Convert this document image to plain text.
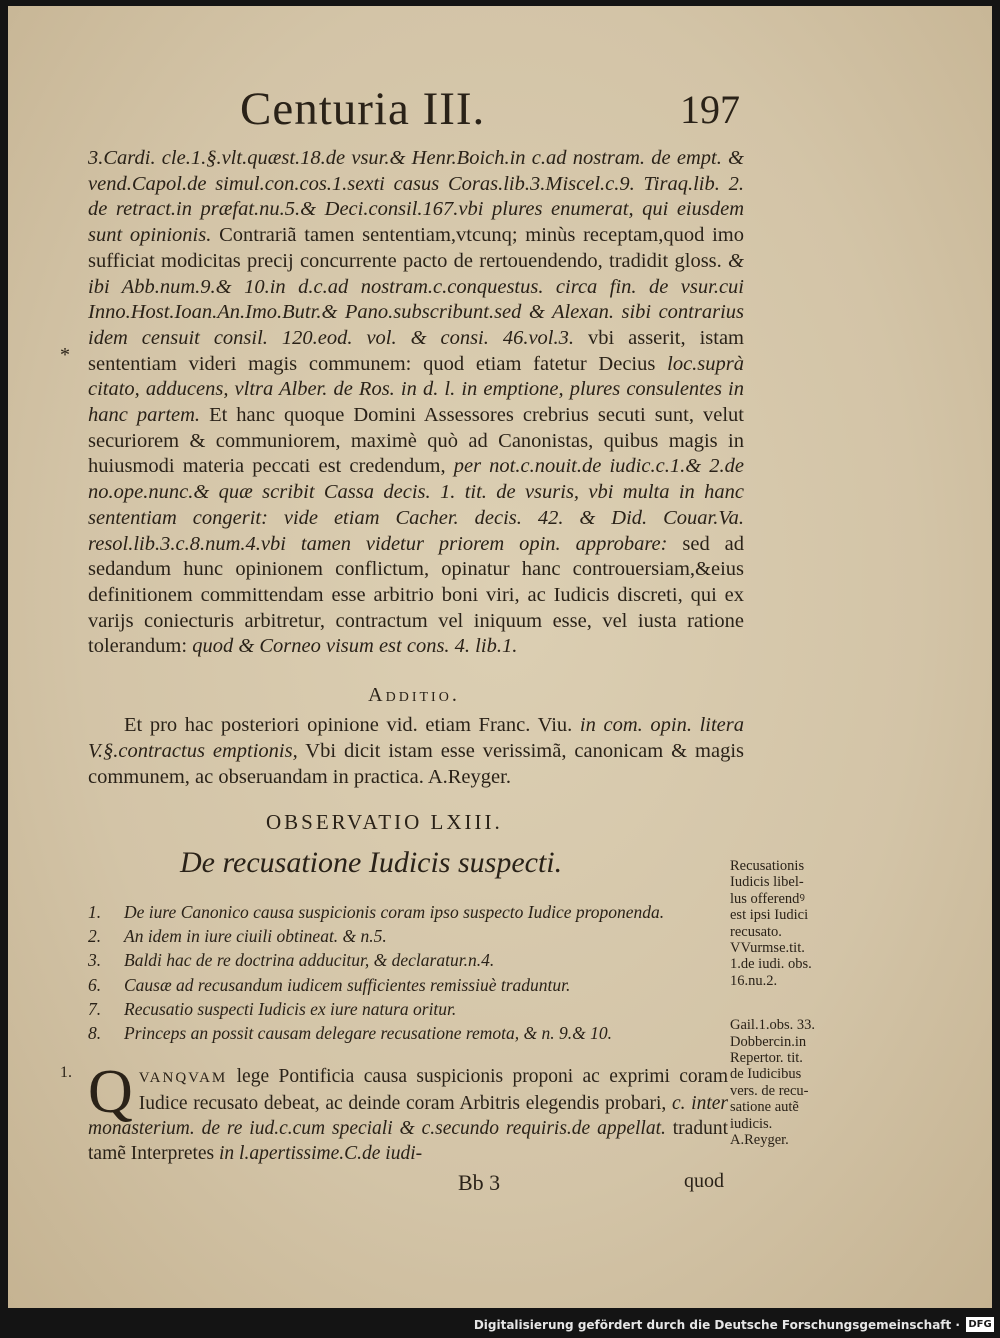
Centuria III.	197
*

3.Cardi. cle.1.§.vlt.quæst.18.de vsur.& Henr.Boich.in c.ad nostram. de empt. & vend.Capol.de simul.con.cos.1.sexti casus Coras.lib.3.Miscel.c.9. Tiraq.lib. 2. de retract.in præfat.nu.5.& Deci.consil.167.vbi plures enumerat, qui eiusdem sunt opinionis. Contrariã tamen sententiam,vtcunq; minùs receptam,quod imo sufficiat modicitas precij concurrente pacto de rertouendendo, tradidit gloss. & ibi Abb.num.9.& 10.in d.c.ad nostram.c.conquestus. circa fin. de vsur.cui Inno.Host.Ioan.An.Imo.Butr.& Pano.subscribunt.sed & Alexan. sibi contrarius idem censuit consil. 120.eod. vol. & consi. 46.vol.3. vbi asserit, istam sententiam videri magis communem: quod etiam fatetur Decius loc.suprà citato, adducens, vltra Alber. de Ros. in d. l. in emptione, plures consulentes in hanc partem. Et hanc quoque Domini Assessores crebrius secuti sunt, velut securiorem & communiorem, maximè quò ad Canonistas, quibus magis in huiusmodi materia peccati est credendum, per not.c.nouit.de iudic.c.1.& 2.de no.ope.nunc.& quæ scribit Cassa decis. 1. tit. de vsuris, vbi multa in hanc sententiam congerit: vide etiam Cacher. decis. 42. & Did. Couar.Va. resol.lib.3.c.8.num.4.vbi tamen videtur priorem opin. approbare: sed ad sedandum hunc opinionem conflictum, opinatur hanc controuersiam,&eius definitionem committendam esse arbitrio boni viri, ac Iudicis discreti, qui ex varijs coniecturis arbitretur, contractum vel iniquum esse, vel iusta ratione tolerandum: quod & Corneo visum est cons. 4. lib.1.

Additio.

Et pro hac posteriori opinione vid. etiam Franc. Viu. in com. opin. litera V.§.contractus emptionis, Vbi dicit istam esse verissimã, canonicam & magis communem, ac obseruandam in practica. A.Reyger.

OBSERVATIO LXIII.
De recusatione Iudicis suspecti.
1.	De iure Canonico causa suspicionis coram ipso suspecto Iudice proponenda.
2.	An idem in iure ciuili obtineat. & n.5.
3.	Baldi hac de re doctrina adducitur, & declaratur.n.4.
6.	Causæ ad recusandum iudicem sufficientes remissiuè traduntur.
7.	Recusatio suspecti Iudicis ex iure natura oritur.
8.	Princeps an possit causam delegare recusatione remota, & n. 9.& 10.
Recusationis
Iudicis libel-
lus offerendꝰ
est ipsi Iudici
recusato.
VVurmse.tit.
1.de iudi. obs.
16.nu.2.
Gail.1.obs. 33.
Dobbercin.in
Repertor. tit.
de Iudicibus
vers. de recu-
satione autẽ
iudicis.
A.Reyger.
1. QVANQVAM lege Pontificia causa suspicionis proponi ac exprimi coram Iudice recusato debeat, ac deinde coram Arbitris elegendis probari, c. inter monasterium. de re iud.c.cum speciali & c.secundo requiris.de appellat. tradunt tamẽ Interpretes in l.apertissime.C.de iudi-

Bb 3	quod
Digitalisierung gefördert durch die Deutsche Forschungsgemeinschaft · DFG
